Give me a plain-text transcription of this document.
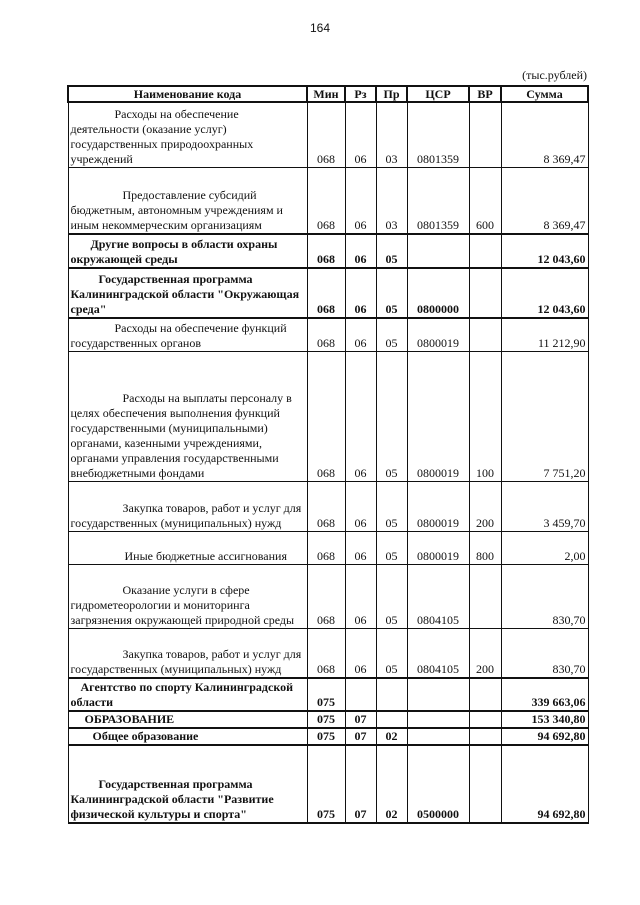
164
(тыс.рублей)
Наименование кода	Мин	Рз	Пр	ЦСР	ВР	Сумма
Расходы на обеспечение деятельности (оказание услуг) государственных природоохранных учреждений	068	06	03	0801359		8 369,47
Предоставление субсидий бюджетным, автономным учреждениям и иным некоммерческим организациям	068	06	03	0801359	600	8 369,47
Другие вопросы в области охраны окружающей среды	068	06	05			12 043,60
Государственная программа Калининградской области "Окружающая среда"	068	06	05	0800000		12 043,60
Расходы на обеспечение функций государственных органов	068	06	05	0800019		11 212,90
Расходы на выплаты персоналу в целях обеспечения выполнения функций государственными (муниципальными) органами, казенными учреждениями, органами управления государственными внебюджетными фондами	068	06	05	0800019	100	7 751,20
Закупка товаров, работ и услуг для государственных (муниципальных) нужд	068	06	05	0800019	200	3 459,70
Иные бюджетные ассигнования	068	06	05	0800019	800	2,00
Оказание услуги в сфере гидрометеорологии и мониторинга загрязнения окружающей природной среды	068	06	05	0804105		830,70
Закупка товаров, работ и услуг для государственных (муниципальных) нужд	068	06	05	0804105	200	830,70
Агентство по спорту Калининградской области	075					339 663,06
ОБРАЗОВАНИЕ	075	07				153 340,80
Общее образование	075	07	02			94 692,80
Государственная программа Калининградской области "Развитие физической культуры и спорта"	075	07	02	0500000		94 692,80
